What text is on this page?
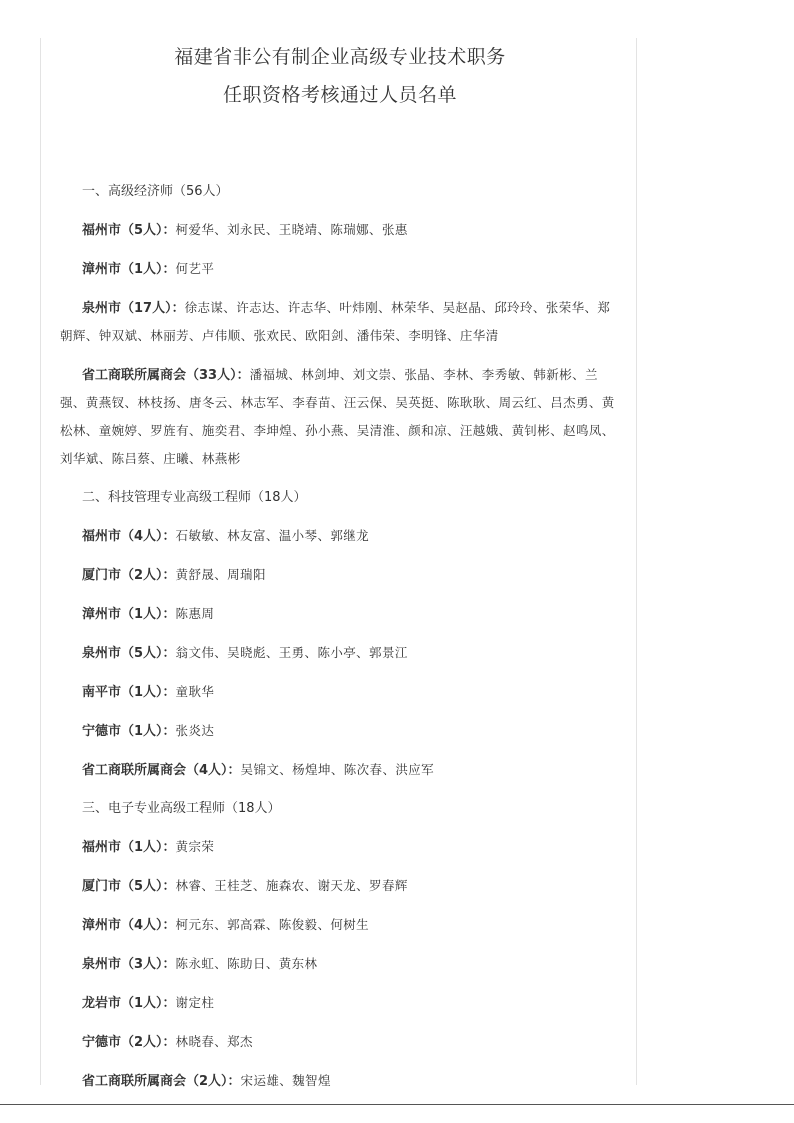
福建省非公有制企业高级专业技术职务
任职资格考核通过人员名单
一、高级经济师（56人）
福州市（5人）：柯爱华、刘永民、王晓靖、陈瑞娜、张惠
漳州市（1人）：何艺平
泉州市（17人）：徐志谋、许志达、许志华、叶炜刚、林荣华、吴赵晶、邱玲玲、张荣华、郑朝辉、钟双斌、林丽芳、卢伟顺、张欢民、欧阳剑、潘伟荣、李明锋、庄华清
省工商联所属商会（33人）：潘福城、林剑坤、刘文崇、张晶、李林、李秀敏、韩新彬、兰强、黄燕钗、林枝扬、唐冬云、林志军、李春苗、汪云保、吴英挺、陈耿耿、周云红、吕杰勇、黄松林、童婉婷、罗旌有、施奕君、李坤煌、孙小燕、吴清淮、颜和凉、汪越娥、黄钊彬、赵鸣凤、刘华斌、陈吕蔡、庄曦、林燕彬
二、科技管理专业高级工程师（18人）
福州市（4人）：石敏敏、林友富、温小琴、郭继龙
厦门市（2人）：黄舒晟、周瑞阳
漳州市（1人）：陈惠周
泉州市（5人）：翁文伟、吴晓彪、王勇、陈小亭、郭景江
南平市（1人）：童耿华
宁德市（1人）：张炎达
省工商联所属商会（4人）：吴锦文、杨煌坤、陈次春、洪应军
三、电子专业高级工程师（18人）
福州市（1人）：黄宗荣
厦门市（5人）：林睿、王桂芝、施森农、谢天龙、罗春辉
漳州市（4人）：柯元东、郭高霖、陈俊毅、何树生
泉州市（3人）：陈永虹、陈助日、黄东林
龙岩市（1人）：谢定柱
宁德市（2人）：林晓春、郑杰
省工商联所属商会（2人）：宋运雄、魏智煌
